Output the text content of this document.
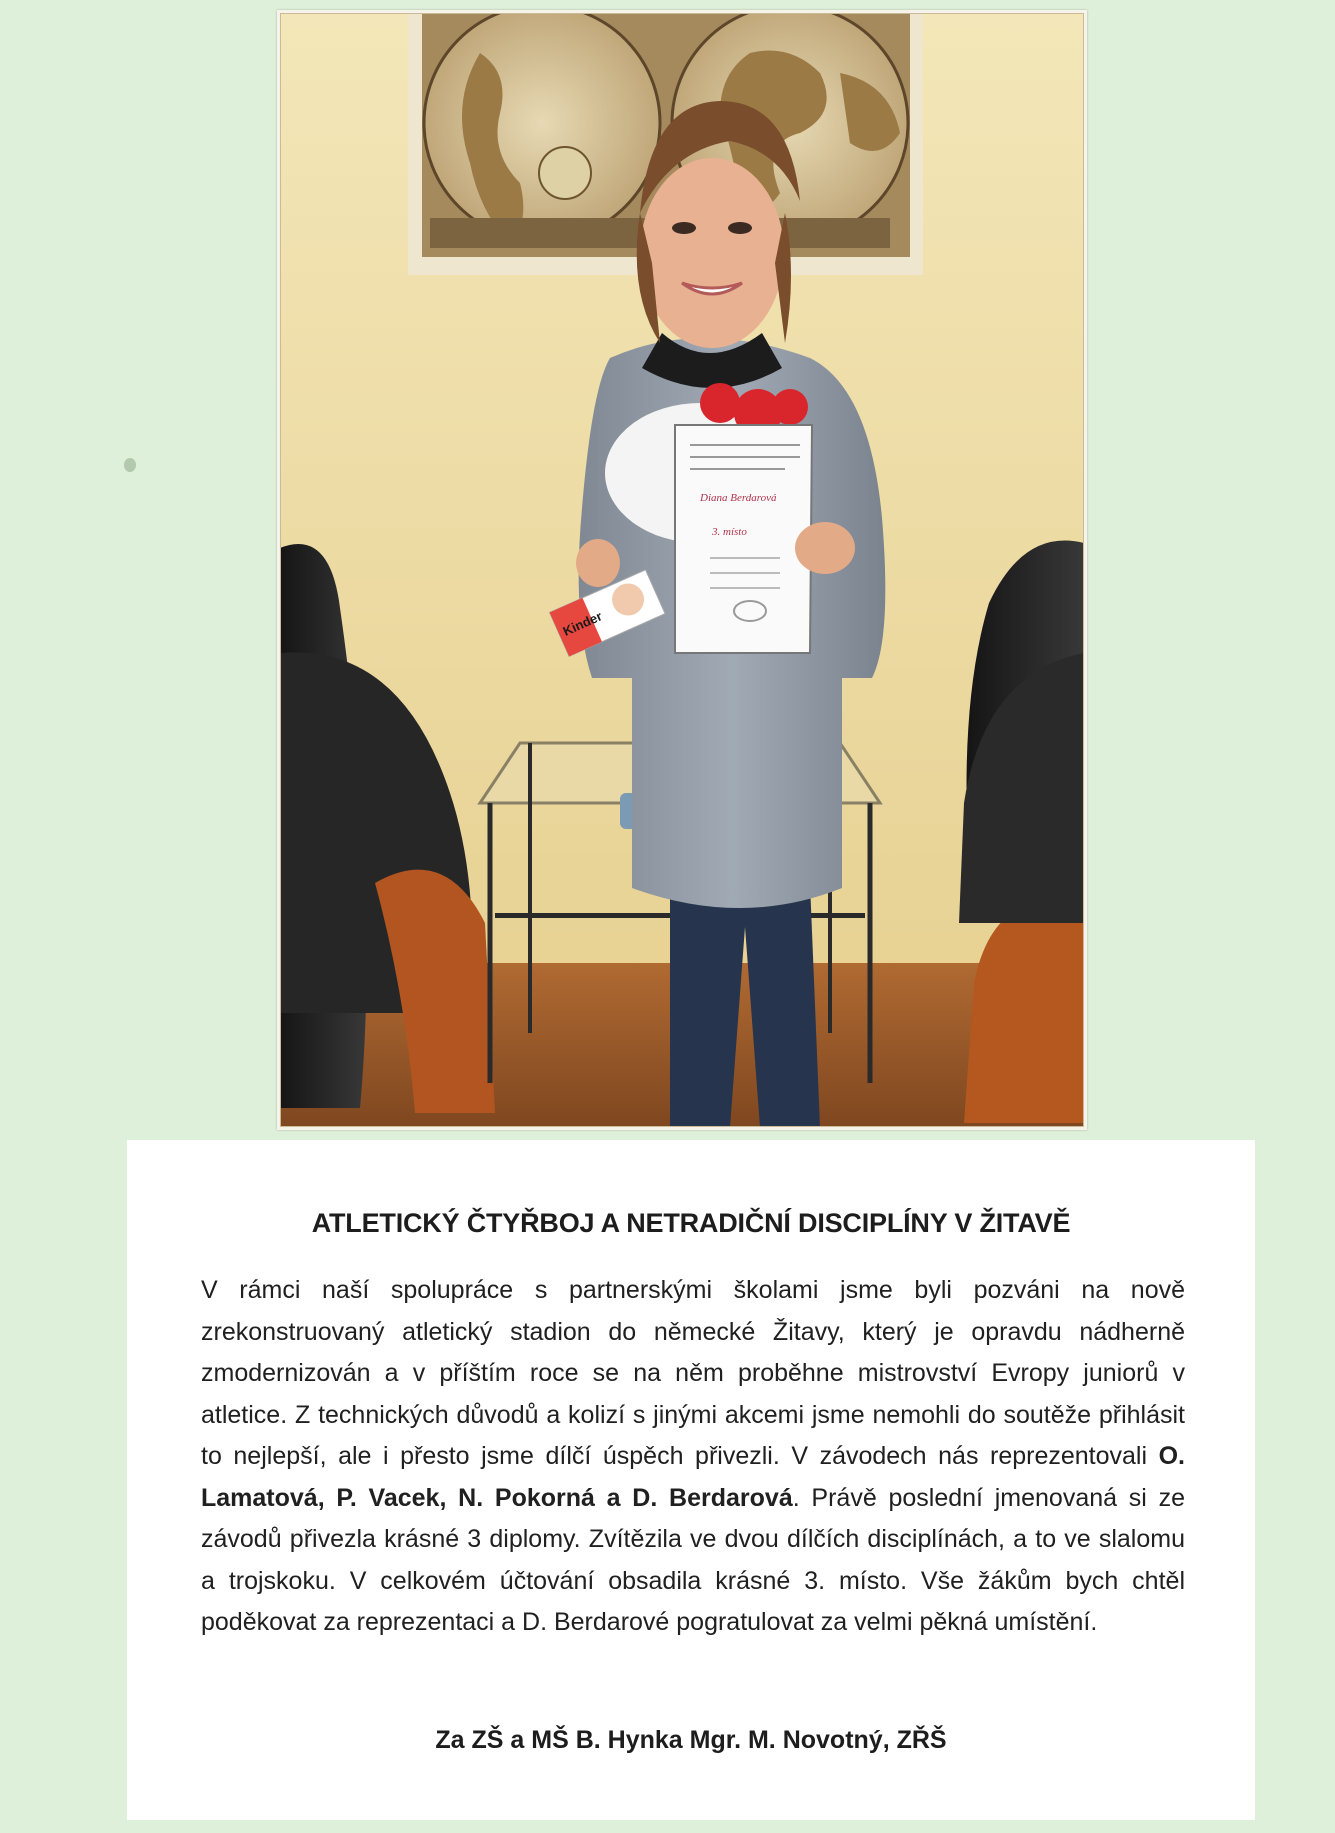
Diana Berdarová
3. místo
Kinder
ATLETICKÝ ČTYŘBOJ A NETRADIČNÍ DISCIPLÍNY V ŽITAVĚ

V rámci naší spolupráce s partnerskými školami jsme byli pozváni na nově zrekonstruovaný atletický stadion do německé Žitavy, který je opravdu nádherně zmodernizován a v příštím roce se na něm proběhne mistrovství Evropy juniorů v atletice. Z technických důvodů a kolizí s jinými akcemi jsme nemohli do soutěže přihlásit to nejlepší, ale i přesto jsme dílčí úspěch přivezli. V závodech nás reprezentovali O. Lamatová, P. Vacek, N. Pokorná a D. Berdarová. Právě poslední jmenovaná si ze závodů přivezla krásné 3 diplomy. Zvítězila ve dvou dílčích disciplínách, a to ve slalomu a trojskoku. V celkovém účtování obsadila krásné 3. místo. Vše žákům bych chtěl poděkovat za reprezentaci a D. Berdarové pogratulovat za velmi pěkná umístění.

Za ZŠ a MŠ B. Hynka Mgr. M. Novotný, ZŘŠ
